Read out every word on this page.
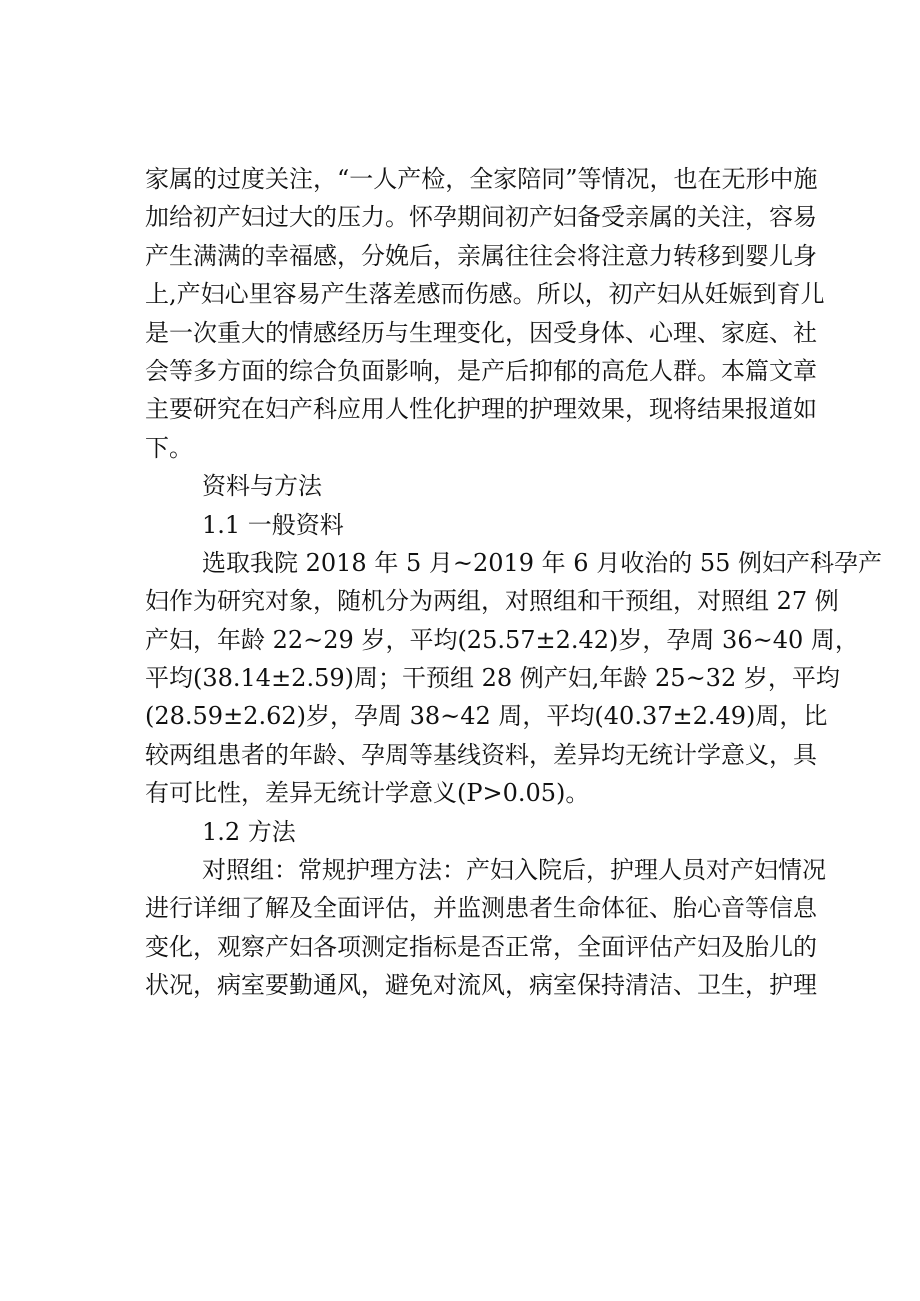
家属的过度关注，“一人产检，全家陪同”等情况，也在无形中施
加给初产妇过大的压力。怀孕期间初产妇备受亲属的关注，容易
产生满满的幸福感，分娩后，亲属往往会将注意力转移到婴儿身
上,产妇心里容易产生落差感而伤感。所以，初产妇从妊娠到育儿
是一次重大的情感经历与生理变化，因受身体、心理、家庭、社
会等多方面的综合负面影响，是产后抑郁的高危人群。本篇文章
主要研究在妇产科应用人性化护理的护理效果，现将结果报道如
下。
资料与方法
1.1 一般资料
选取我院 2018 年 5 月~2019 年 6 月收治的 55 例妇产科孕产
妇作为研究对象，随机分为两组，对照组和干预组，对照组 27 例
产妇，年龄 22~29 岁，平均(25.57±2.42)岁，孕周 36~40 周，
平均(38.14±2.59)周；干预组 28 例产妇,年龄 25~32 岁，平均
(28.59±2.62)岁，孕周 38~42 周，平均(40.37±2.49)周，比
较两组患者的年龄、孕周等基线资料，差异均无统计学意义，具
有可比性，差异无统计学意义(P>0.05)。
1.2 方法
对照组：常规护理方法：产妇入院后，护理人员对产妇情况
进行详细了解及全面评估，并监测患者生命体征、胎心音等信息
变化，观察产妇各项测定指标是否正常，全面评估产妇及胎儿的
状况，病室要勤通风，避免对流风，病室保持清洁、卫生，护理
